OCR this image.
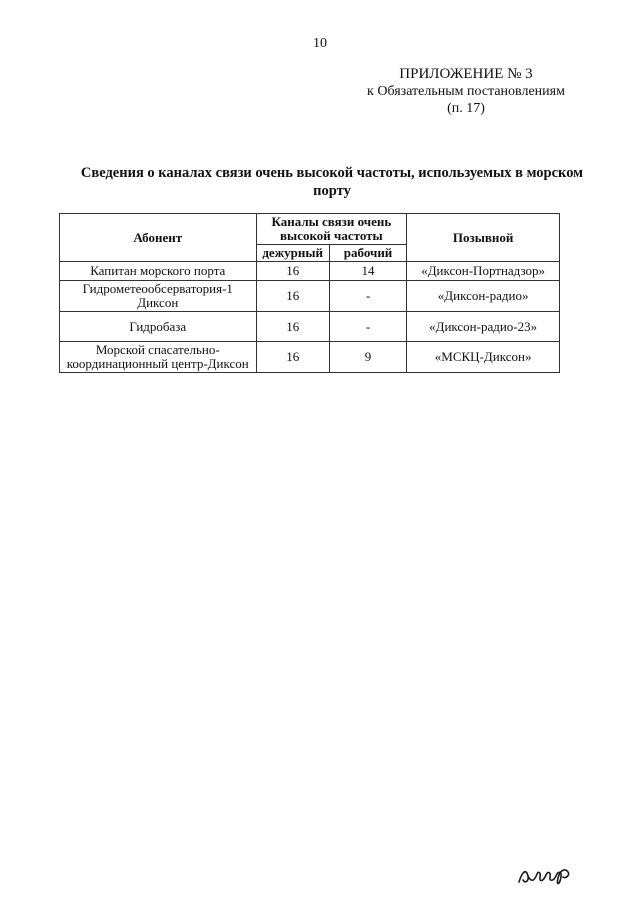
10
ПРИЛОЖЕНИЕ № 3
к Обязательным постановлениям
(п. 17)
Сведения о каналах связи очень высокой частоты, используемых в морском порту
Абонент	Каналы связи очень высокой частоты		Позывной
	дежурный	рабочий	
Капитан морского порта	16	14	«Диксон-Портнадзор»
Гидрометеообсерватория-1 Диксон	16	-	«Диксон-радио»
Гидробаза	16	-	«Диксон-радио-23»
Морской спасательно-координационный центр-Диксон	16	9	«МСКЦ-Диксон»
